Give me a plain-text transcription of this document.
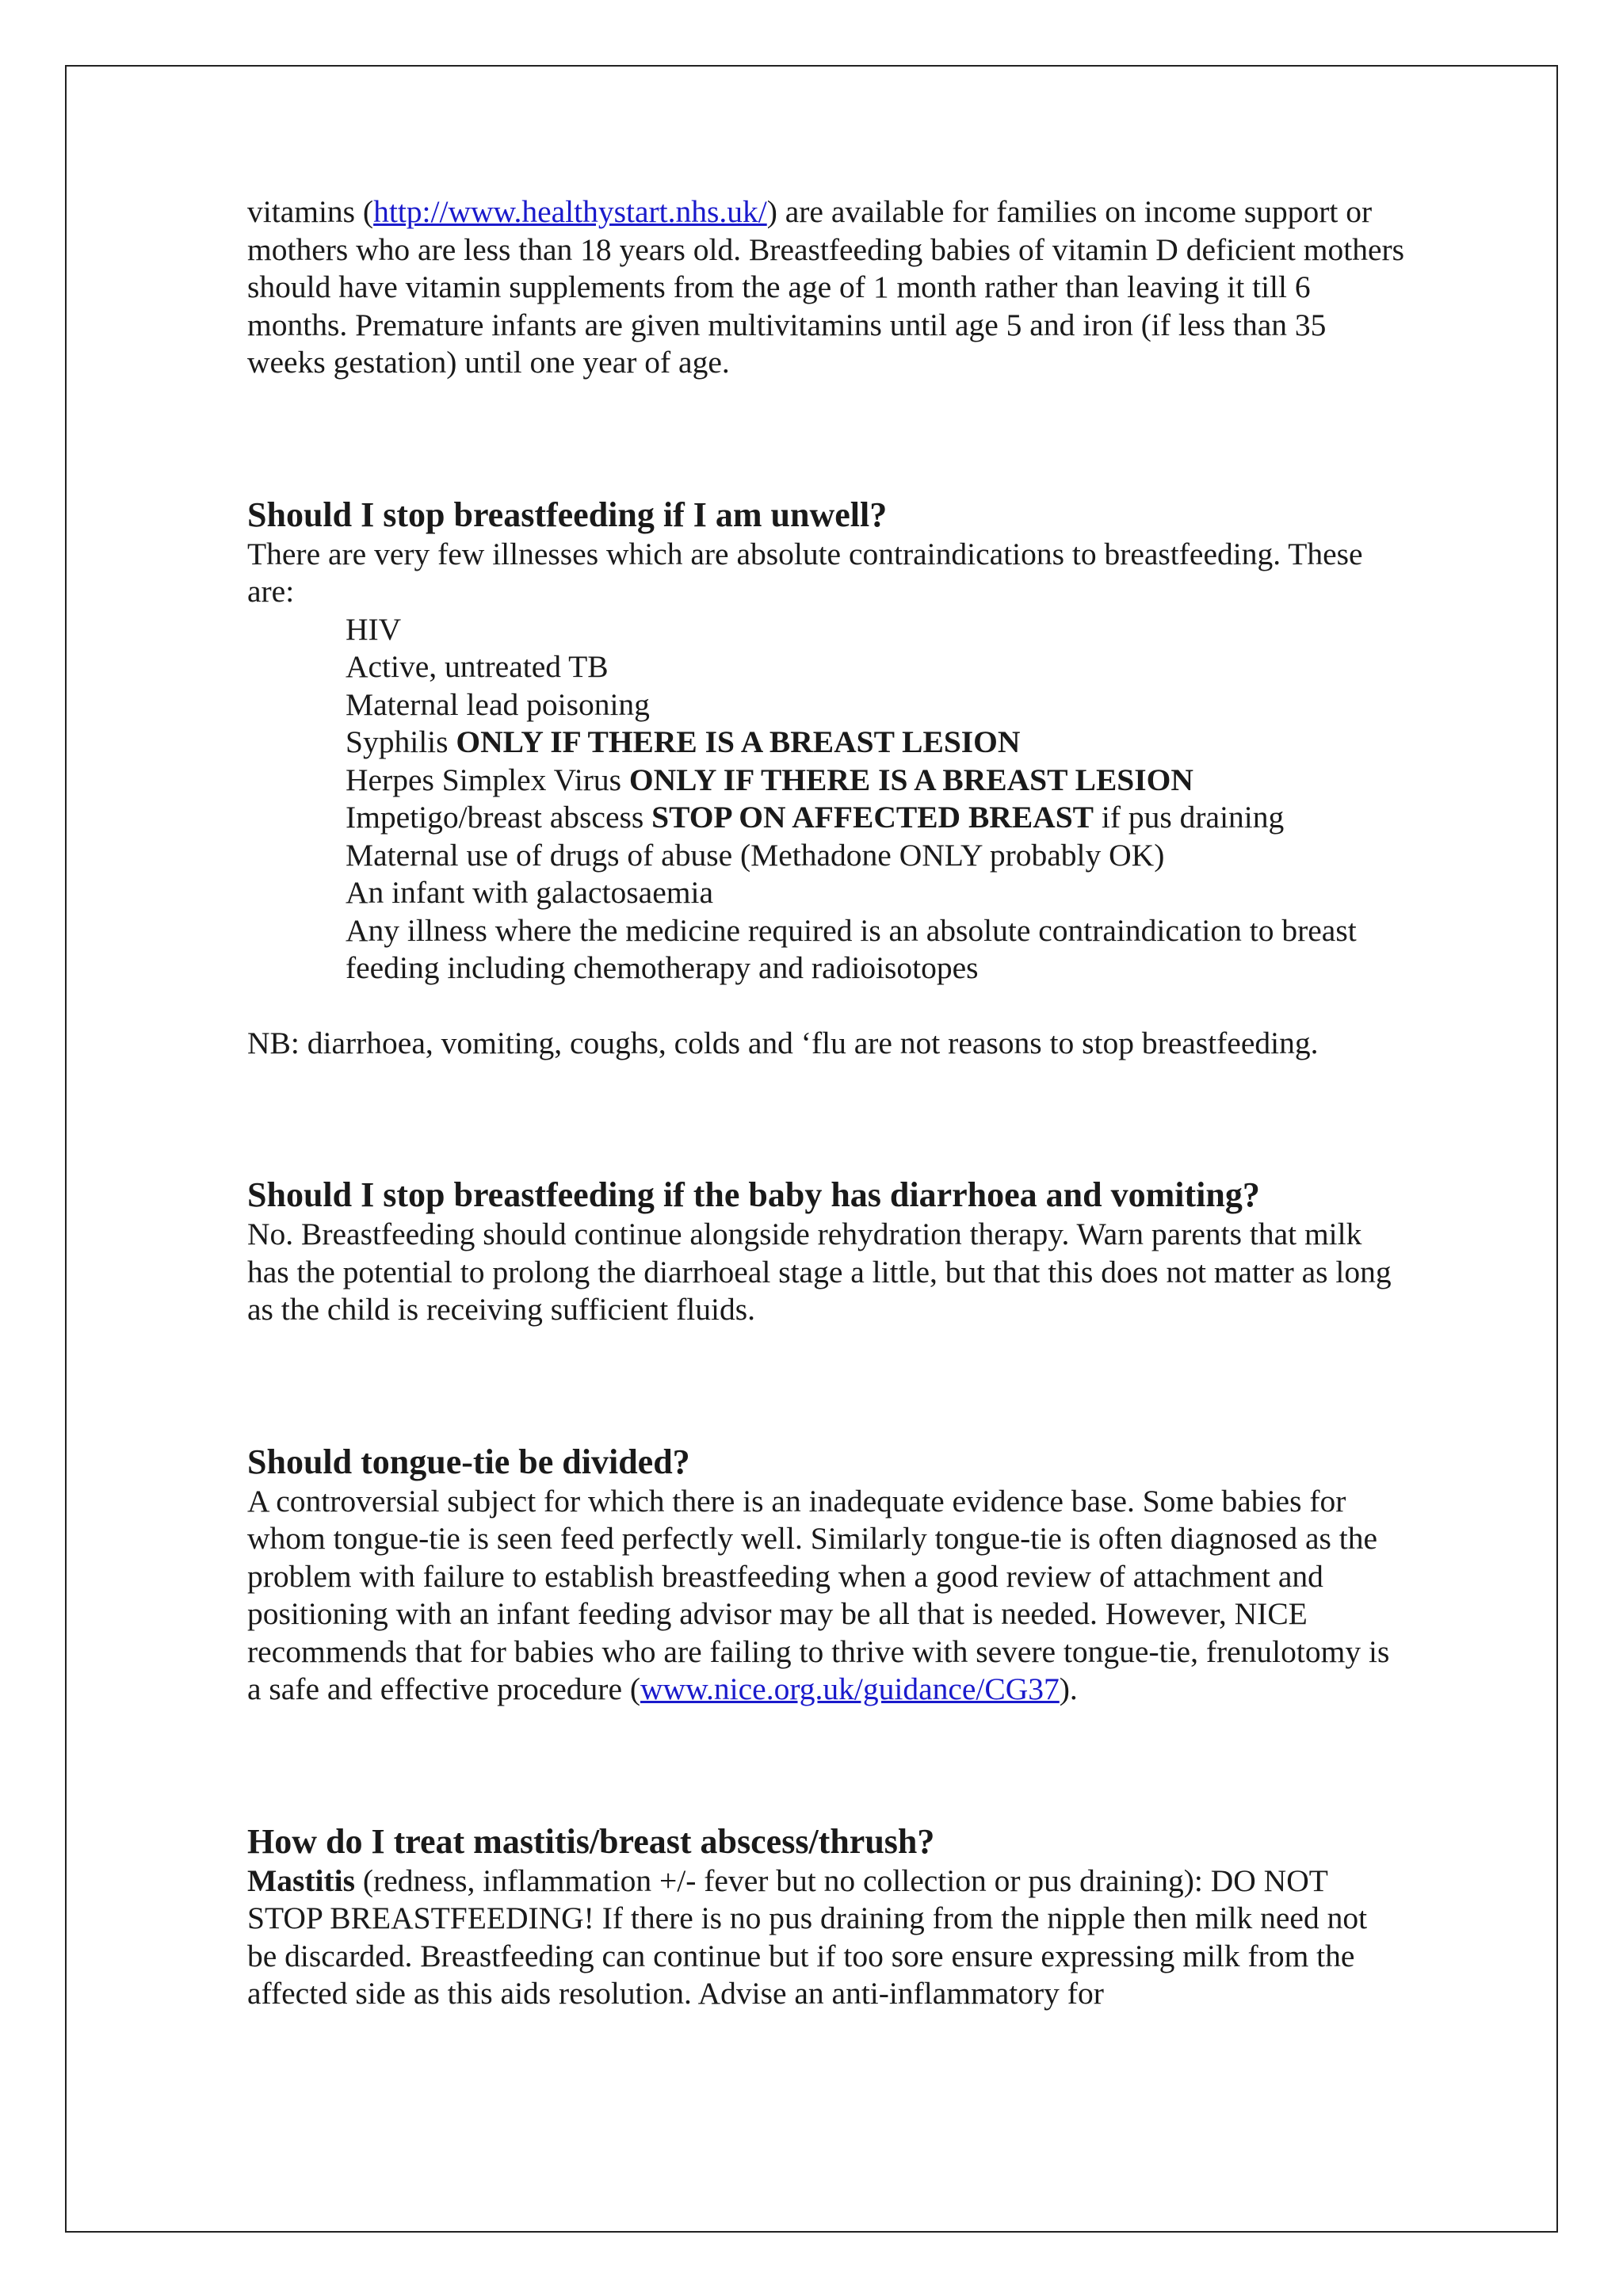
vitamins (http://www.healthystart.nhs.uk/) are available for families on income support or mothers who are less than 18 years old. Breastfeeding babies of vitamin D deficient mothers should have vitamin supplements from the age of 1 month rather than leaving it till 6 months. Premature infants are given multivitamins until age 5 and iron (if less than 35 weeks gestation) until one year of age.

Should I stop breastfeeding if I am unwell?

There are very few illnesses which are absolute contraindications to breastfeeding. These are:

HIV
Active, untreated TB
Maternal lead poisoning
Syphilis ONLY IF THERE IS A BREAST LESION
Herpes Simplex Virus ONLY IF THERE IS A BREAST LESION
Impetigo/breast abscess STOP ON AFFECTED BREAST if pus draining
Maternal use of drugs of abuse (Methadone ONLY probably OK)
An infant with galactosaemia
Any illness where the medicine required is an absolute contraindication to breast feeding including chemotherapy and radioisotopes

NB: diarrhoea, vomiting, coughs, colds and ‘flu are not reasons to stop breastfeeding.

Should I stop breastfeeding if the baby has diarrhoea and vomiting?

No. Breastfeeding should continue alongside rehydration therapy. Warn parents that milk has the potential to prolong the diarrhoeal stage a little, but that this does not matter as long as the child is receiving sufficient fluids.

Should tongue-tie be divided?

A controversial subject for which there is an inadequate evidence base. Some babies for whom tongue-tie is seen feed perfectly well. Similarly tongue-tie is often diagnosed as the problem with failure to establish breastfeeding when a good review of attachment and positioning with an infant feeding advisor may be all that is needed. However, NICE recommends that for babies who are failing to thrive with severe tongue-tie, frenulotomy is a safe and effective procedure (www.nice.org.uk/guidance/CG37).

How do I treat mastitis/breast abscess/thrush?

Mastitis (redness, inflammation +/- fever but no collection or pus draining): DO NOT STOP BREASTFEEDING! If there is no pus draining from the nipple then milk need not be discarded. Breastfeeding can continue but if too sore ensure expressing milk from the affected side as this aids resolution. Advise an anti-inflammatory for
